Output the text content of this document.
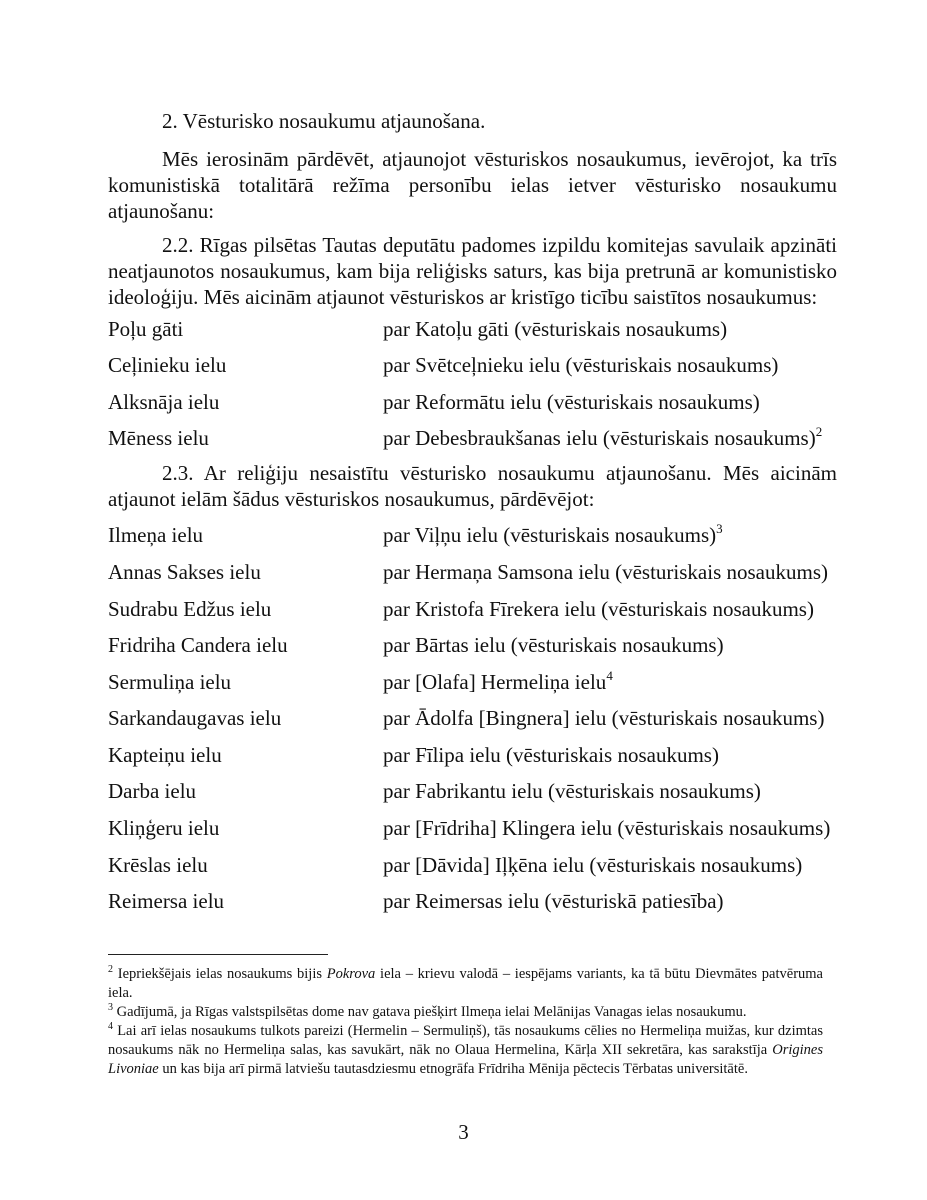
2. Vēsturisko nosaukumu atjaunošana.

Mēs ierosinām pārdēvēt, atjaunojot vēsturiskos nosaukumus, ievērojot, ka trīs komunistiskā totalitārā režīma personību ielas ietver vēsturisko nosaukumu atjaunošanu:

2.2. Rīgas pilsētas Tautas deputātu padomes izpildu komitejas savulaik apzināti neatjaunotos nosaukumus, kam bija reliģisks saturs, kas bija pretrunā ar komunistisko ideoloģiju. Mēs aicinām atjaunot vēsturiskos ar kristīgo ticību saistītos nosaukumus:

Poļu gāti	par Katoļu gāti (vēsturiskais nosaukums)
Ceļinieku ielu	par Svētceļnieku ielu (vēsturiskais nosaukums)
Alksnāja ielu	par Reformātu ielu (vēsturiskais nosaukums)
Mēness ielu	par Debesbraukšanas ielu (vēsturiskais nosaukums)$^2$

2.3. Ar reliģiju nesaistītu vēsturisko nosaukumu atjaunošanu. Mēs aicinām atjaunot ielām šādus vēsturiskos nosaukumus, pārdēvējot:

Ilmeņa ielu	par Viļņu ielu (vēsturiskais nosaukums)$^3$
Annas Sakses ielu	par Hermaņa Samsona ielu (vēsturiskais nosaukums)
Sudrabu Edžus ielu	par Kristofa Fīrekera ielu (vēsturiskais nosaukums)
Fridriha Candera ielu	par Bārtas ielu (vēsturiskais nosaukums)
Sermuliņa ielu	par [Olafa] Hermeliņa ielu$^4$
Sarkandaugavas ielu	par Ādolfa [Bingnera] ielu (vēsturiskais nosaukums)
Kapteiņu ielu	par Fīlipa ielu (vēsturiskais nosaukums)
Darba ielu	par Fabrikantu ielu (vēsturiskais nosaukums)
Kliņģeru ielu	par [Frīdriha] Klingera ielu (vēsturiskais nosaukums)
Krēslas ielu	par [Dāvida] Iļķēna ielu (vēsturiskais nosaukums)
Reimersa ielu	par Reimersas ielu (vēsturiskā patiesība)

$^2$ Iepriekšējais ielas nosaukums bijis Pokrova iela – krievu valodā – iespējams variants, ka tā būtu Dievmātes patvēruma iela.

$^3$ Gadījumā, ja Rīgas valstspilsētas dome nav gatava piešķirt Ilmeņa ielai Melānijas Vanagas ielas nosaukumu.

$^4$ Lai arī ielas nosaukums tulkots pareizi (Hermelin – Sermuliņš), tās nosaukums cēlies no Hermeliņa muižas, kur dzimtas nosaukums nāk no Hermeliņa salas, kas savukārt, nāk no Olaua Hermelina, Kārļa XII sekretāra, kas sarakstīja Origines Livoniae un kas bija arī pirmā latviešu tautasdziesmu etnogrāfa Frīdriha Mēnija pēctecis Tērbatas universitātē.

3
